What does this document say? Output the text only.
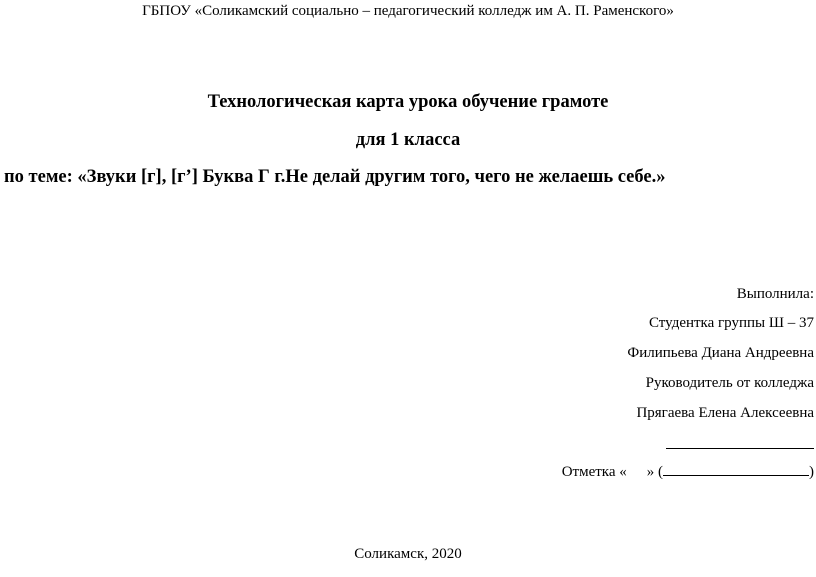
ГБПОУ «Соликамский социально – педагогический колледж им А. П. Раменского»
Технологическая карта урока обучение грамоте
для 1 класса
по теме: «Звуки [г], [г’] Буква Г г.Не делай другим того, чего не желаешь себе.»
Выполнила:
Студентка группы Ш – 37
Филипьева Диана Андреевна
Руководитель от колледжа
Прягаева Елена Алексеевна
Отметка « » (	)
Соликамск, 2020
